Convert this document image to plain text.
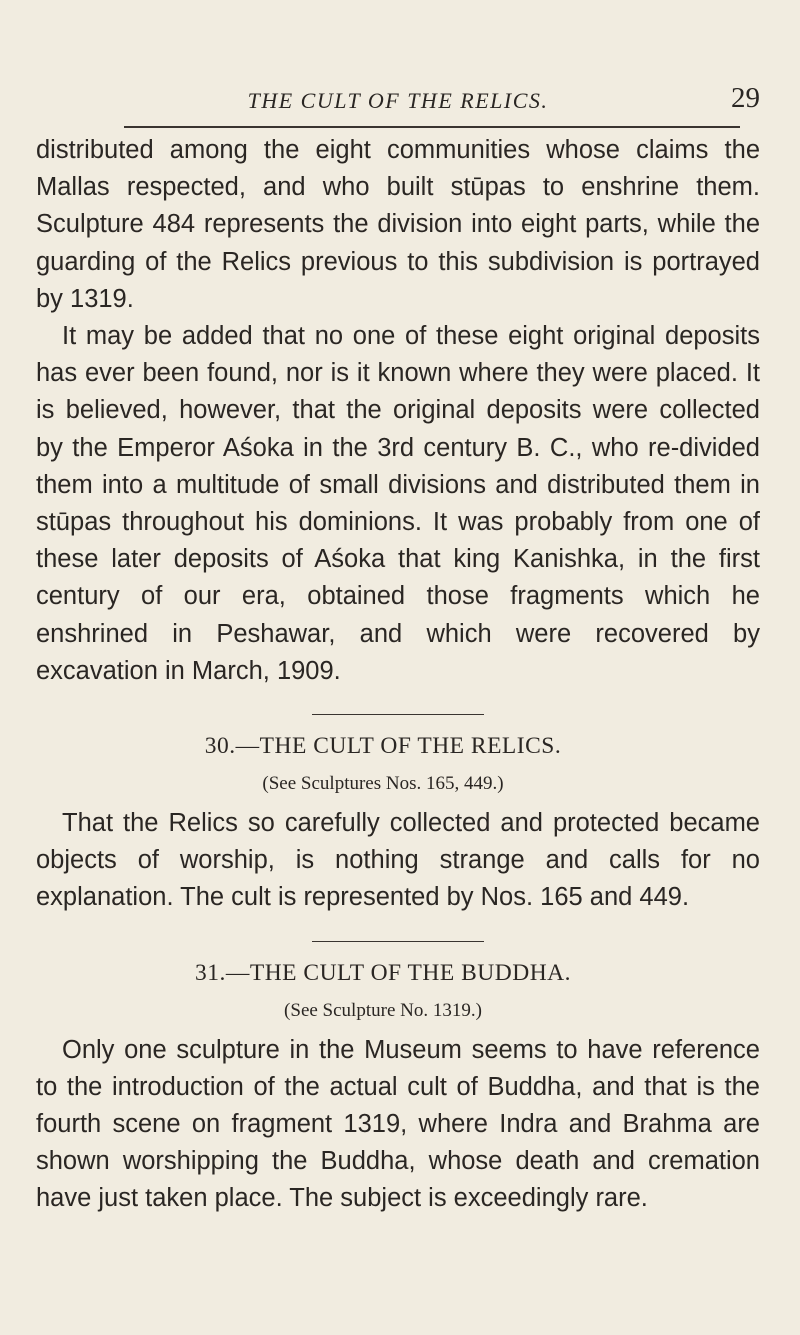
THE CULT OF THE RELICS.	29

distributed among the eight communities whose claims the Mallas respected, and who built stūpas to enshrine them. Sculpture 484 represents the division into eight parts, while the guarding of the Relics previous to this subdivision is portrayed by 1319.

It may be added that no one of these eight original deposits has ever been found, nor is it known where they were placed. It is believed, however, that the original deposits were collected by the Emperor Aśoka in the 3rd century B. C., who re-divided them into a multitude of small divisions and distributed them in stūpas throughout his dominions. It was probably from one of these later deposits of Aśoka that king Kanishka, in the first century of our era, obtained those fragments which he enshrined in Peshawar, and which were recovered by excavation in March, 1909.

30.—THE CULT OF THE RELICS.
(See Sculptures Nos. 165, 449.)

That the Relics so carefully collected and protected became objects of worship, is nothing strange and calls for no explanation. The cult is represented by Nos. 165 and 449.

31.—THE CULT OF THE BUDDHA.
(See Sculpture No. 1319.)

Only one sculpture in the Museum seems to have reference to the introduction of the actual cult of Buddha, and that is the fourth scene on fragment 1319, where Indra and Brahma are shown worshipping the Buddha, whose death and cremation have just taken place. The subject is exceedingly rare.
